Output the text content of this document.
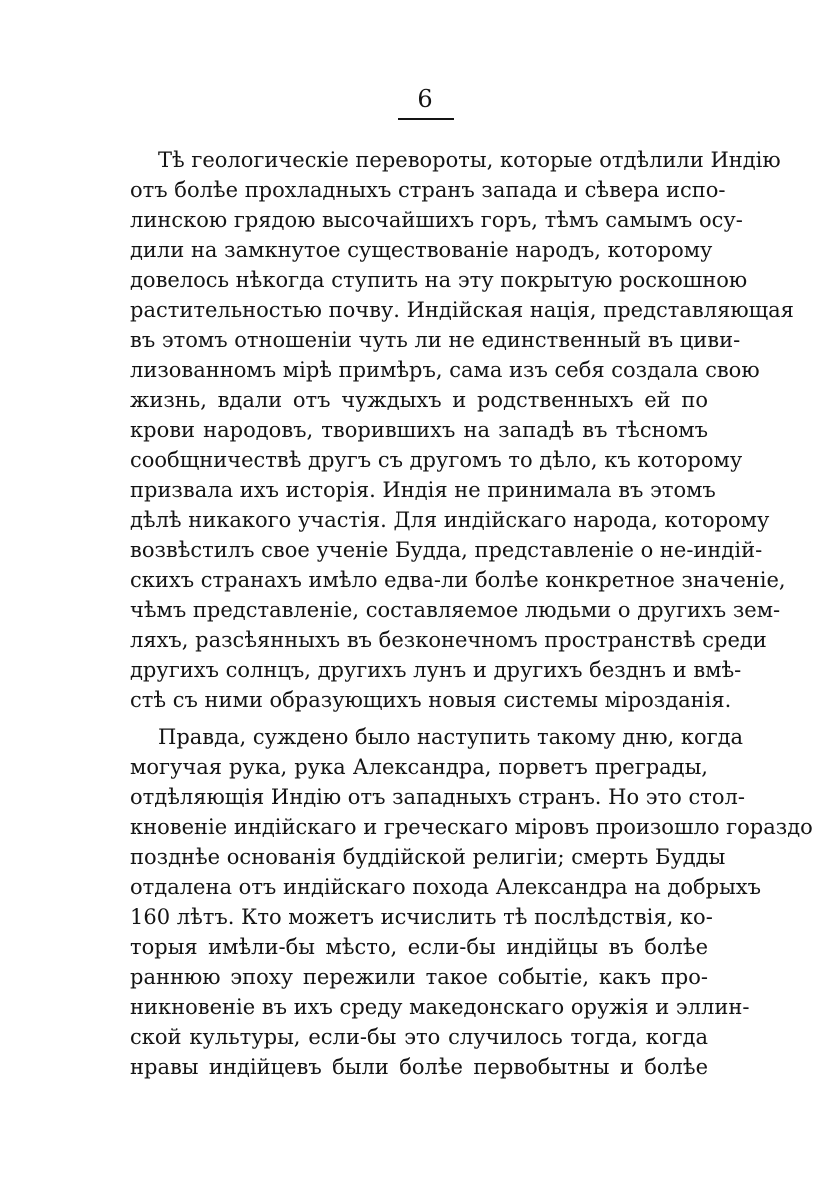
6
Тѣ геологическіе перевороты, которые отдѣлили Индію
отъ болѣе прохладныхъ странъ запада и сѣвера испо-
линскою грядою высочайшихъ горъ, тѣмъ самымъ осу-
дили на замкнутое существованіе народъ, которому
довелось нѣкогда ступить на эту покрытую роскошною
растительностью почву. Индійская нація, представляющая
въ этомъ отношеніи чуть ли не единственный въ циви-
лизованномъ мірѣ примѣръ, сама изъ себя создала свою
жизнь, вдали отъ чуждыхъ и родственныхъ ей по
крови народовъ, творившихъ на западѣ въ тѣсномъ
сообщничествѣ другъ съ другомъ то дѣло, къ которому
призвала ихъ исторія. Индія не принимала въ этомъ
дѣлѣ никакого участія. Для индійскаго народа, которому
возвѣстилъ свое ученіе Будда, представленіе о не-индій-
скихъ странахъ имѣло едва-ли болѣе конкретное значеніе,
чѣмъ представленіе, составляемое людьми о другихъ зем-
ляхъ, разсѣянныхъ въ безконечномъ пространствѣ среди
другихъ солнцъ, другихъ лунъ и другихъ безднъ и вмѣ-
стѣ съ ними образующихъ новыя системы мірозданія.
Правда, суждено было наступить такому дню, когда
могучая рука, рука Александра, порветъ преграды,
отдѣляющія Индію отъ западныхъ странъ. Но это стол-
кновеніе индійскаго и греческаго міровъ произошло гораздо
позднѣе основанія буддійской религіи; смерть Будды
отдалена отъ индійскаго похода Александра на добрыхъ
160 лѣтъ. Кто можетъ исчислить тѣ послѣдствія, ко-
торыя имѣли-бы мѣсто, если-бы индійцы въ болѣе
раннюю эпоху пережили такое событіе, какъ про-
никновеніе въ ихъ среду македонскаго оружія и эллин-
ской культуры, если-бы это случилось тогда, когда
нравы индійцевъ были болѣе первобытны и болѣе
